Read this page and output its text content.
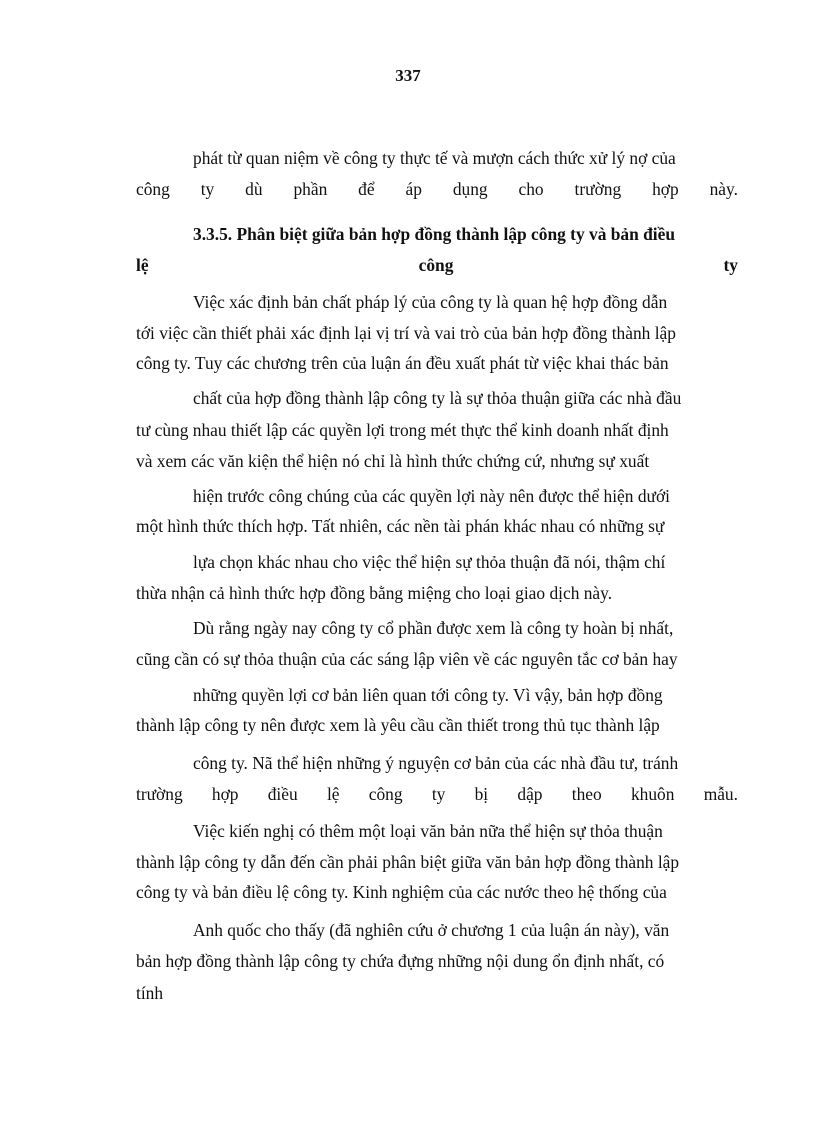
337
phát từ quan niệm về công ty thực tế và mượn cách thức xử lý nợ của
công ty dù phần để áp dụng cho trường hợp này.
3.3.5. Phân biệt giữa bản hợp đồng thành lập công ty và bản điều
lệ	công	ty
Việc xác định bản chất pháp lý của công ty là quan hệ hợp đồng dẫn
tới việc cần thiết phải xác định lại vị trí và vai trò của bản hợp đồng thành lập
công ty. Tuy các chương trên của luận án đều xuất phát từ việc khai thác bản
chất của hợp đồng thành lập công ty là sự thỏa thuận giữa các nhà đầu
tư cùng nhau thiết lập các quyền lợi trong mét thực thể kinh doanh nhất định
và xem các văn kiện thể hiện nó chỉ là hình thức chứng cứ, nhưng sự xuất
hiện trước công chúng của các quyền lợi này nên được thể hiện dưới
một hình thức thích hợp. Tất nhiên, các nền tài phán khác nhau có những sự
lựa chọn khác nhau cho việc thể hiện sự thỏa thuận đã nói, thậm chí
thừa nhận cả hình thức hợp đồng bằng miệng cho loại giao dịch này.
Dù rằng ngày nay công ty cổ phần được xem là công ty hoàn bị nhất,
cũng cần có sự thỏa thuận của các sáng lập viên về các nguyên tắc cơ bản hay
những quyền lợi cơ bản liên quan tới công ty. Vì vậy, bản hợp đồng
thành lập công ty nên được xem là yêu cầu cần thiết trong thủ tục thành lập
công ty. Nã thể hiện những ý nguyện cơ bản của các nhà đầu tư, tránh
trường hợp điều lệ công ty bị dập theo khuôn mẫu.
Việc kiến nghị có thêm một loại văn bản nữa thể hiện sự thỏa thuận
thành lập công ty dẫn đến cần phải phân biệt giữa văn bản hợp đồng thành lập
công ty và bản điều lệ công ty. Kinh nghiệm của các nước theo hệ thống của
Anh quốc cho thấy (đã nghiên cứu ở chương 1 của luận án này), văn
bản hợp đồng thành lập công ty chứa đựng những nội dung ổn định nhất, có
tính
